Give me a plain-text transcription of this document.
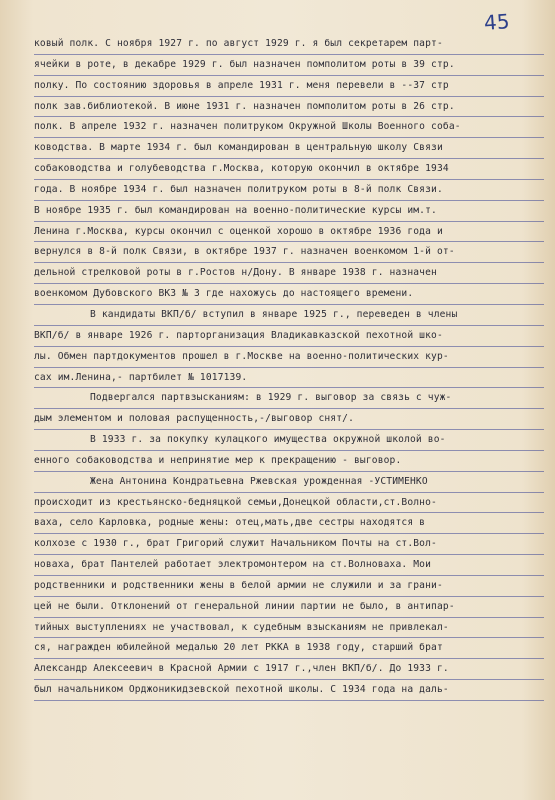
45
ковый полк. С ноября 1927 г. по август 1929 г. я был секретарем парт-
ячейки в роте, в декабре 1929 г. был назначен помполитом роты в 39 стр.
полку. По состоянию здоровья в апреле 1931 г. меня перевели в --37 стр
полк зав.библиотекой. В июне 1931 г. назначен помполитом роты в 26 стр.
полк. В апреле 1932 г. назначен политруком Окружной Школы Военного соба-
ководства. В марте 1934 г. был командирован в центральную школу Связи
собаководства и голубеводства г.Москва, которую окончил в октябре 1934
года. В ноябре 1934 г. был назначен политруком роты в 8-й полк Связи.
В ноябре 1935 г. был командирован на военно-политические курсы им.т.
Ленина г.Москва, курсы окончил с оценкой хорошо в октябре 1936 года и
вернулся в 8-й полк Связи, в октябре 1937 г. назначен военкомом 1-й от-
дельной стрелковой роты в г.Ростов н/Дону. В январе 1938 г. назначен
военкомом Дубовского ВКЗ № 3 где нахожусь до настоящего времени.
В кандидаты ВКП/б/ вступил в январе 1925 г., переведен в члены
ВКП/б/ в январе 1926 г. парторганизация Владикавказской пехотной шко-
лы. Обмен партдокументов прошел в г.Москве на военно-политических кур-
сах им.Ленина,- партбилет № 1017139.
Подвергался партвзысканиям: в 1929 г. выговор за связь с чуж-
дым элементом и половая распущенность,-/выговор снят/.
В 1933 г. за покупку кулацкого имущества окружной школой во-
енного собаководства и непринятие мер к прекращению - выговор.
Жена Антонина Кондратьевна Ржевская урожденная -УСТИМЕНКО
происходит из крестьянско-бедняцкой семьи,Донецкой области,ст.Волно-
ваха, село Карловка, родные жены: отец,мать,две сестры находятся в
колхозе с 1930 г., брат Григорий служит Начальником Почты на ст.Вол-
новаха, брат Пантелей работает электромонтером на ст.Волноваха. Мои
родственники и родственники жены в белой армии не служили и за грани-
цей не были. Отклонений от генеральной линии партии не было, в антипар-
тийных выступлениях не участвовал, к судебным взысканиям не привлекал-
ся, награжден юбилейной медалью 20 лет РККА в 1938 году, старший брат
Александр Алексеевич в Красной Армии с 1917 г.,член ВКП/б/. До 1933 г.
был начальником Орджоникидзевской пехотной школы. С 1934 года на даль-
